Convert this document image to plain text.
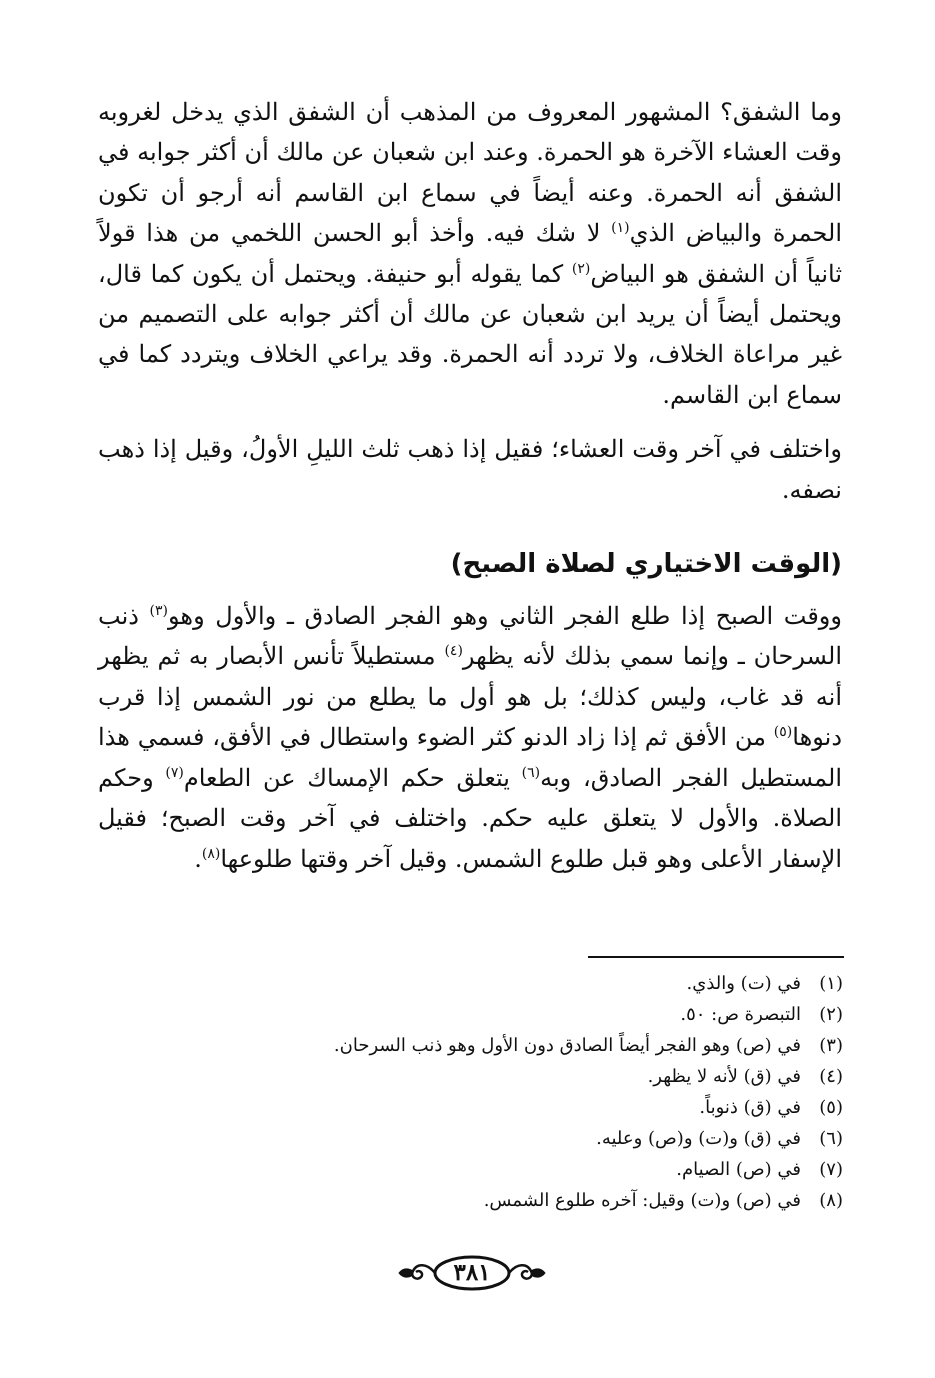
وما الشفق؟ المشهور المعروف من المذهب أن الشفق الذي يدخل لغروبه وقت العشاء الآخرة هو الحمرة. وعند ابن شعبان عن مالك أن أكثر جوابه في الشفق أنه الحمرة. وعنه أيضاً في سماع ابن القاسم أنه أرجو أن تكون الحمرة والبياض الذي$^{(١)}$ لا شك فيه. وأخذ أبو الحسن اللخمي من هذا قولاً ثانياً أن الشفق هو البياض$^{(٢)}$ كما يقوله أبو حنيفة. ويحتمل أن يكون كما قال، ويحتمل أيضاً أن يريد ابن شعبان عن مالك أن أكثر جوابه على التصميم من غير مراعاة الخلاف، ولا تردد أنه الحمرة. وقد يراعي الخلاف ويتردد كما في سماع ابن القاسم.

واختلف في آخر وقت العشاء؛ فقيل إذا ذهب ثلث الليلِ الأولُ، وقيل إذا ذهب نصفه.

(الوقت الاختياري لصلاة الصبح)

ووقت الصبح إذا طلع الفجر الثاني وهو الفجر الصادق ـ والأول وهو$^{(٣)}$ ذنب السرحان ـ وإنما سمي بذلك لأنه يظهر$^{(٤)}$ مستطيلاً تأنس الأبصار به ثم يظهر أنه قد غاب، وليس كذلك؛ بل هو أول ما يطلع من نور الشمس إذا قرب دنوها$^{(٥)}$ من الأفق ثم إذا زاد الدنو كثر الضوء واستطال في الأفق، فسمي هذا المستطيل الفجر الصادق، وبه$^{(٦)}$ يتعلق حكم الإمساك عن الطعام$^{(٧)}$ وحكم الصلاة. والأول لا يتعلق عليه حكم. واختلف في آخر وقت الصبح؛ فقيل الإسفار الأعلى وهو قبل طلوع الشمس. وقيل آخر وقتها طلوعها$^{(٨)}$.

(١)
في (ت) والذي.
(٢)
التبصرة ص: ٥٠.
(٣)
في (ص) وهو الفجر أيضاً الصادق دون الأول وهو ذنب السرحان.
(٤)
في (ق) لأنه لا يظهر.
(٥)
في (ق) ذنوباً.
(٦)
في (ق) و(ت) و(ص) وعليه.
(٧)
في (ص) الصيام.
(٨)
في (ص) و(ت) وقيل: آخره طلوع الشمس.
٣٨١
